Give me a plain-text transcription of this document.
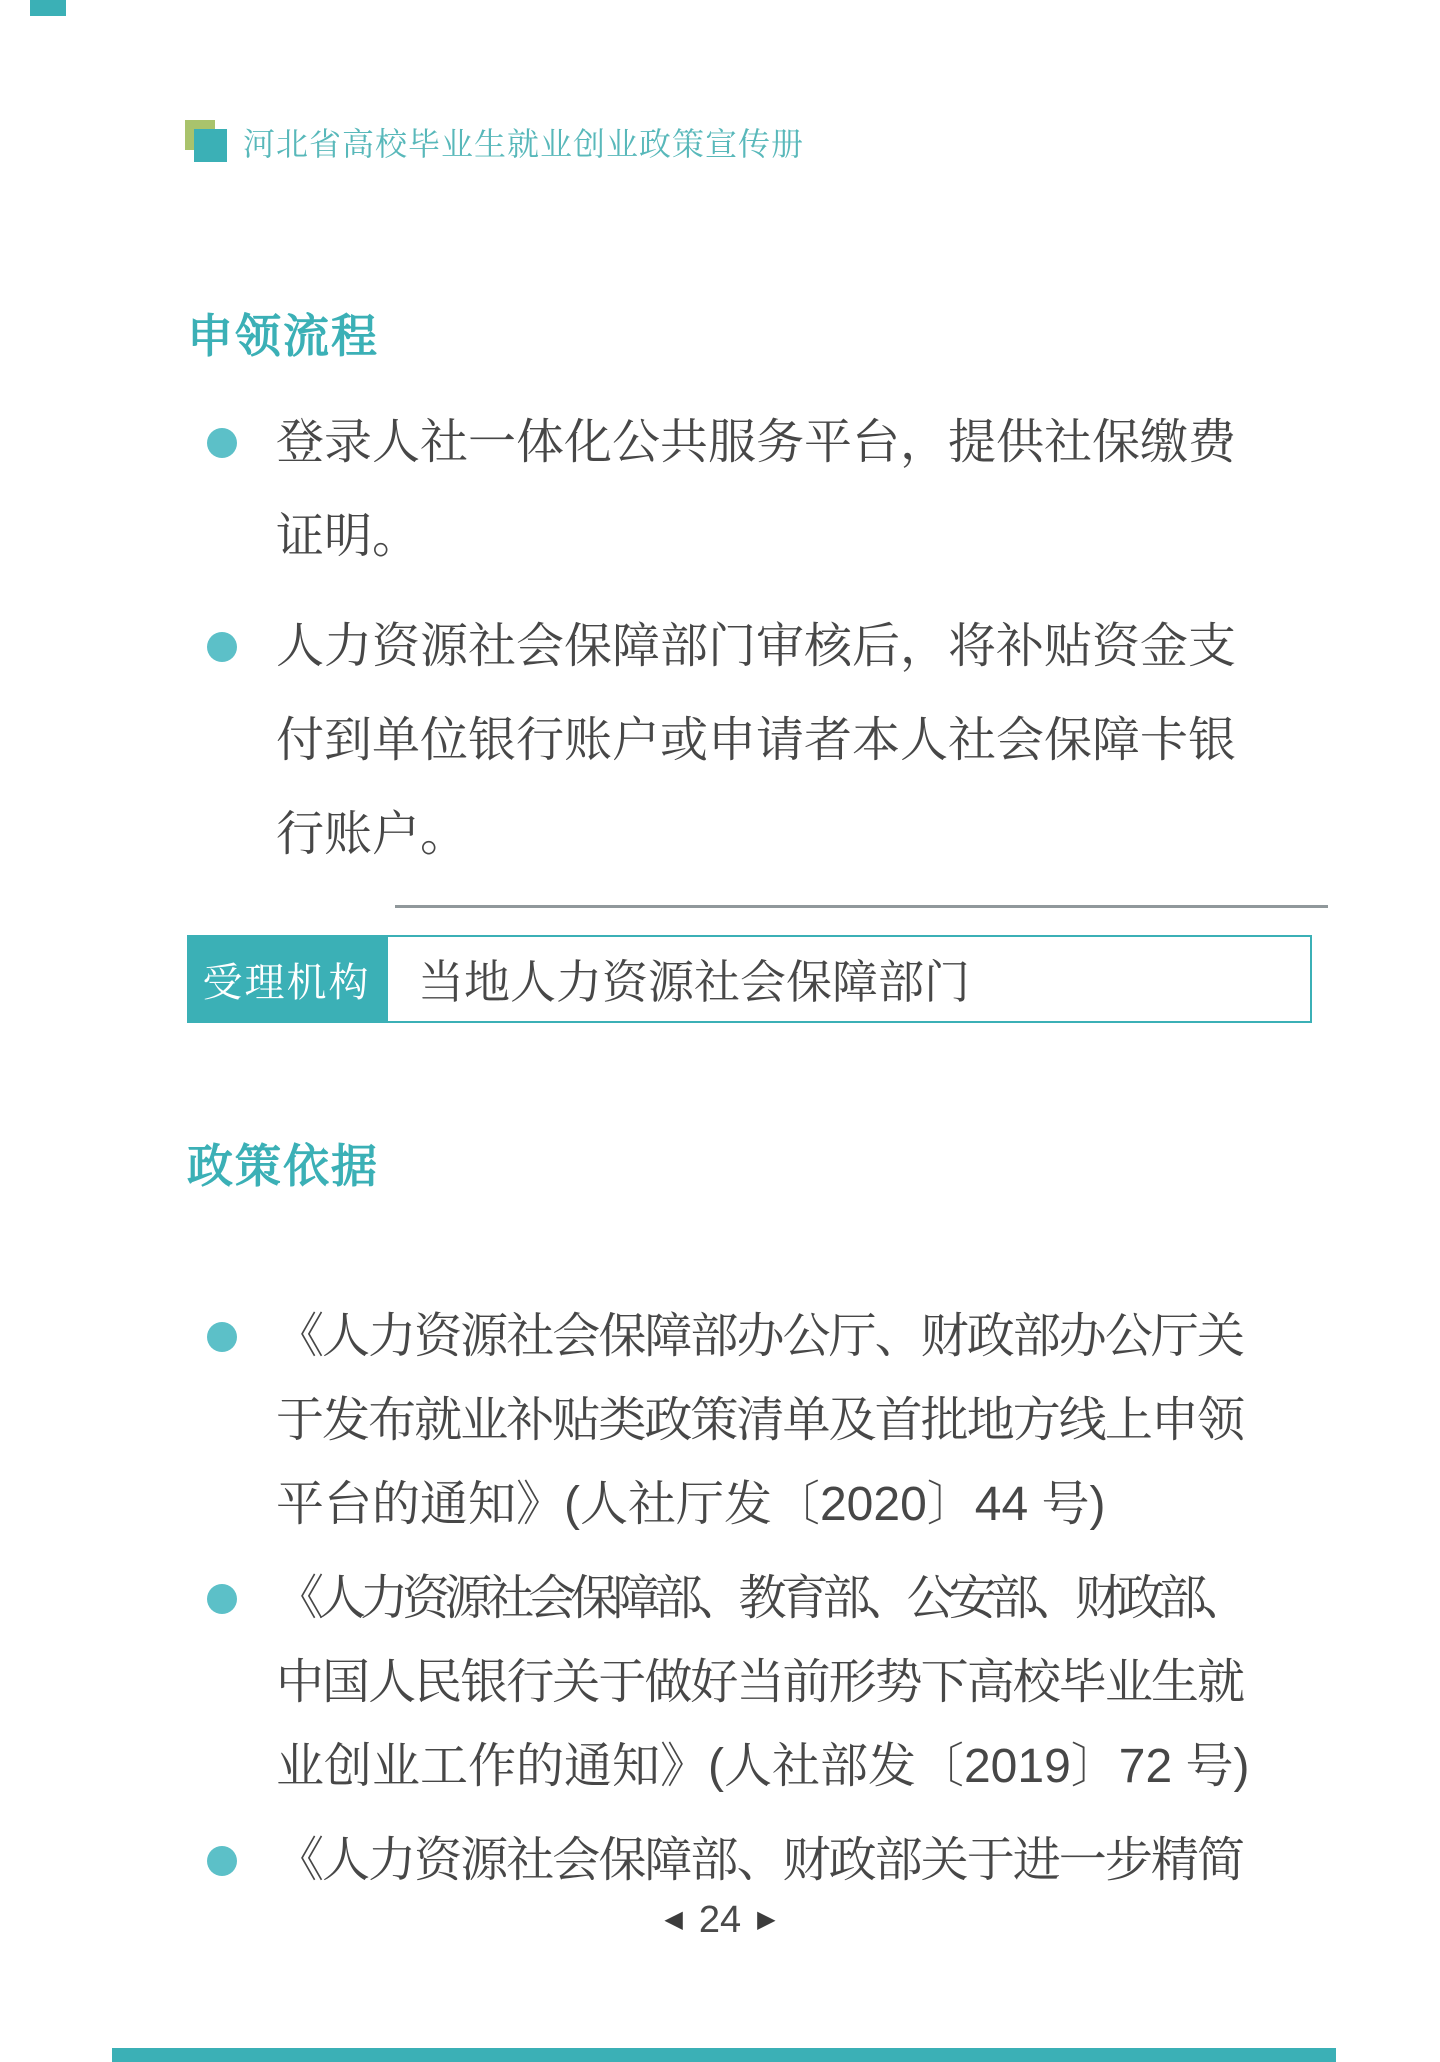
河北省高校毕业生就业创业政策宣传册
申领流程
登录人社一体化公共服务平台，提供社保缴费
证明。
人力资源社会保障部门审核后，将补贴资金支
付到单位银行账户或申请者本人社会保障卡银
行账户。
受理机构	当地人力资源社会保障部门
政策依据
《人力资源社会保障部办公厅、财政部办公厅关
于发布就业补贴类政策清单及首批地方线上申领
平台的通知》(人社厅发〔2020〕44 号)
《人力资源社会保障部、教育部、公安部、财政部、
中国人民银行关于做好当前形势下高校毕业生就
业创业工作的通知》(人社部发〔2019〕72 号)
《人力资源社会保障部、财政部关于进一步精简
◀ 24 ▶
